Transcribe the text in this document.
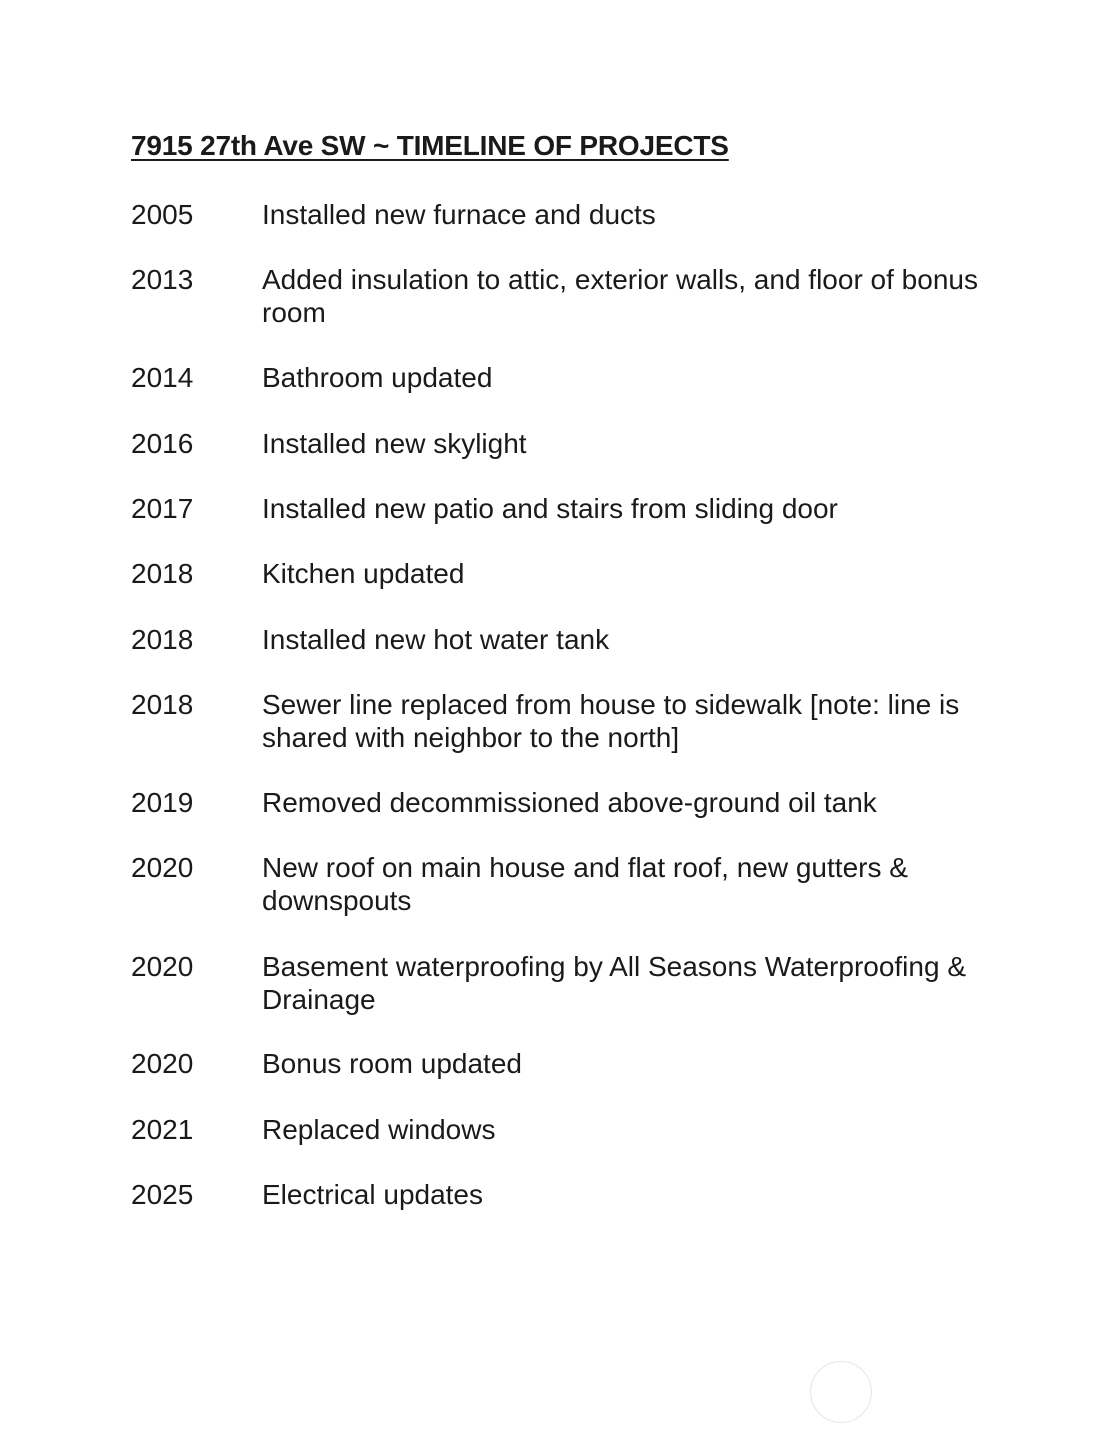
7915 27th Ave SW ~ TIMELINE OF PROJECTS
2005	Installed new furnace and ducts
2013	Added insulation to attic, exterior walls, and floor of bonus room
2014	Bathroom updated
2016	Installed new skylight
2017	Installed new patio and stairs from sliding door
2018	Kitchen updated
2018	Installed new hot water tank
2018	Sewer line replaced from house to sidewalk [note: line is shared with neighbor to the north]
2019	Removed decommissioned above-ground oil tank
2020	New roof on main house and flat roof, new gutters & downspouts
2020	Basement waterproofing by All Seasons Waterproofing & Drainage
2020	Bonus room updated
2021	Replaced windows
2025	Electrical updates
